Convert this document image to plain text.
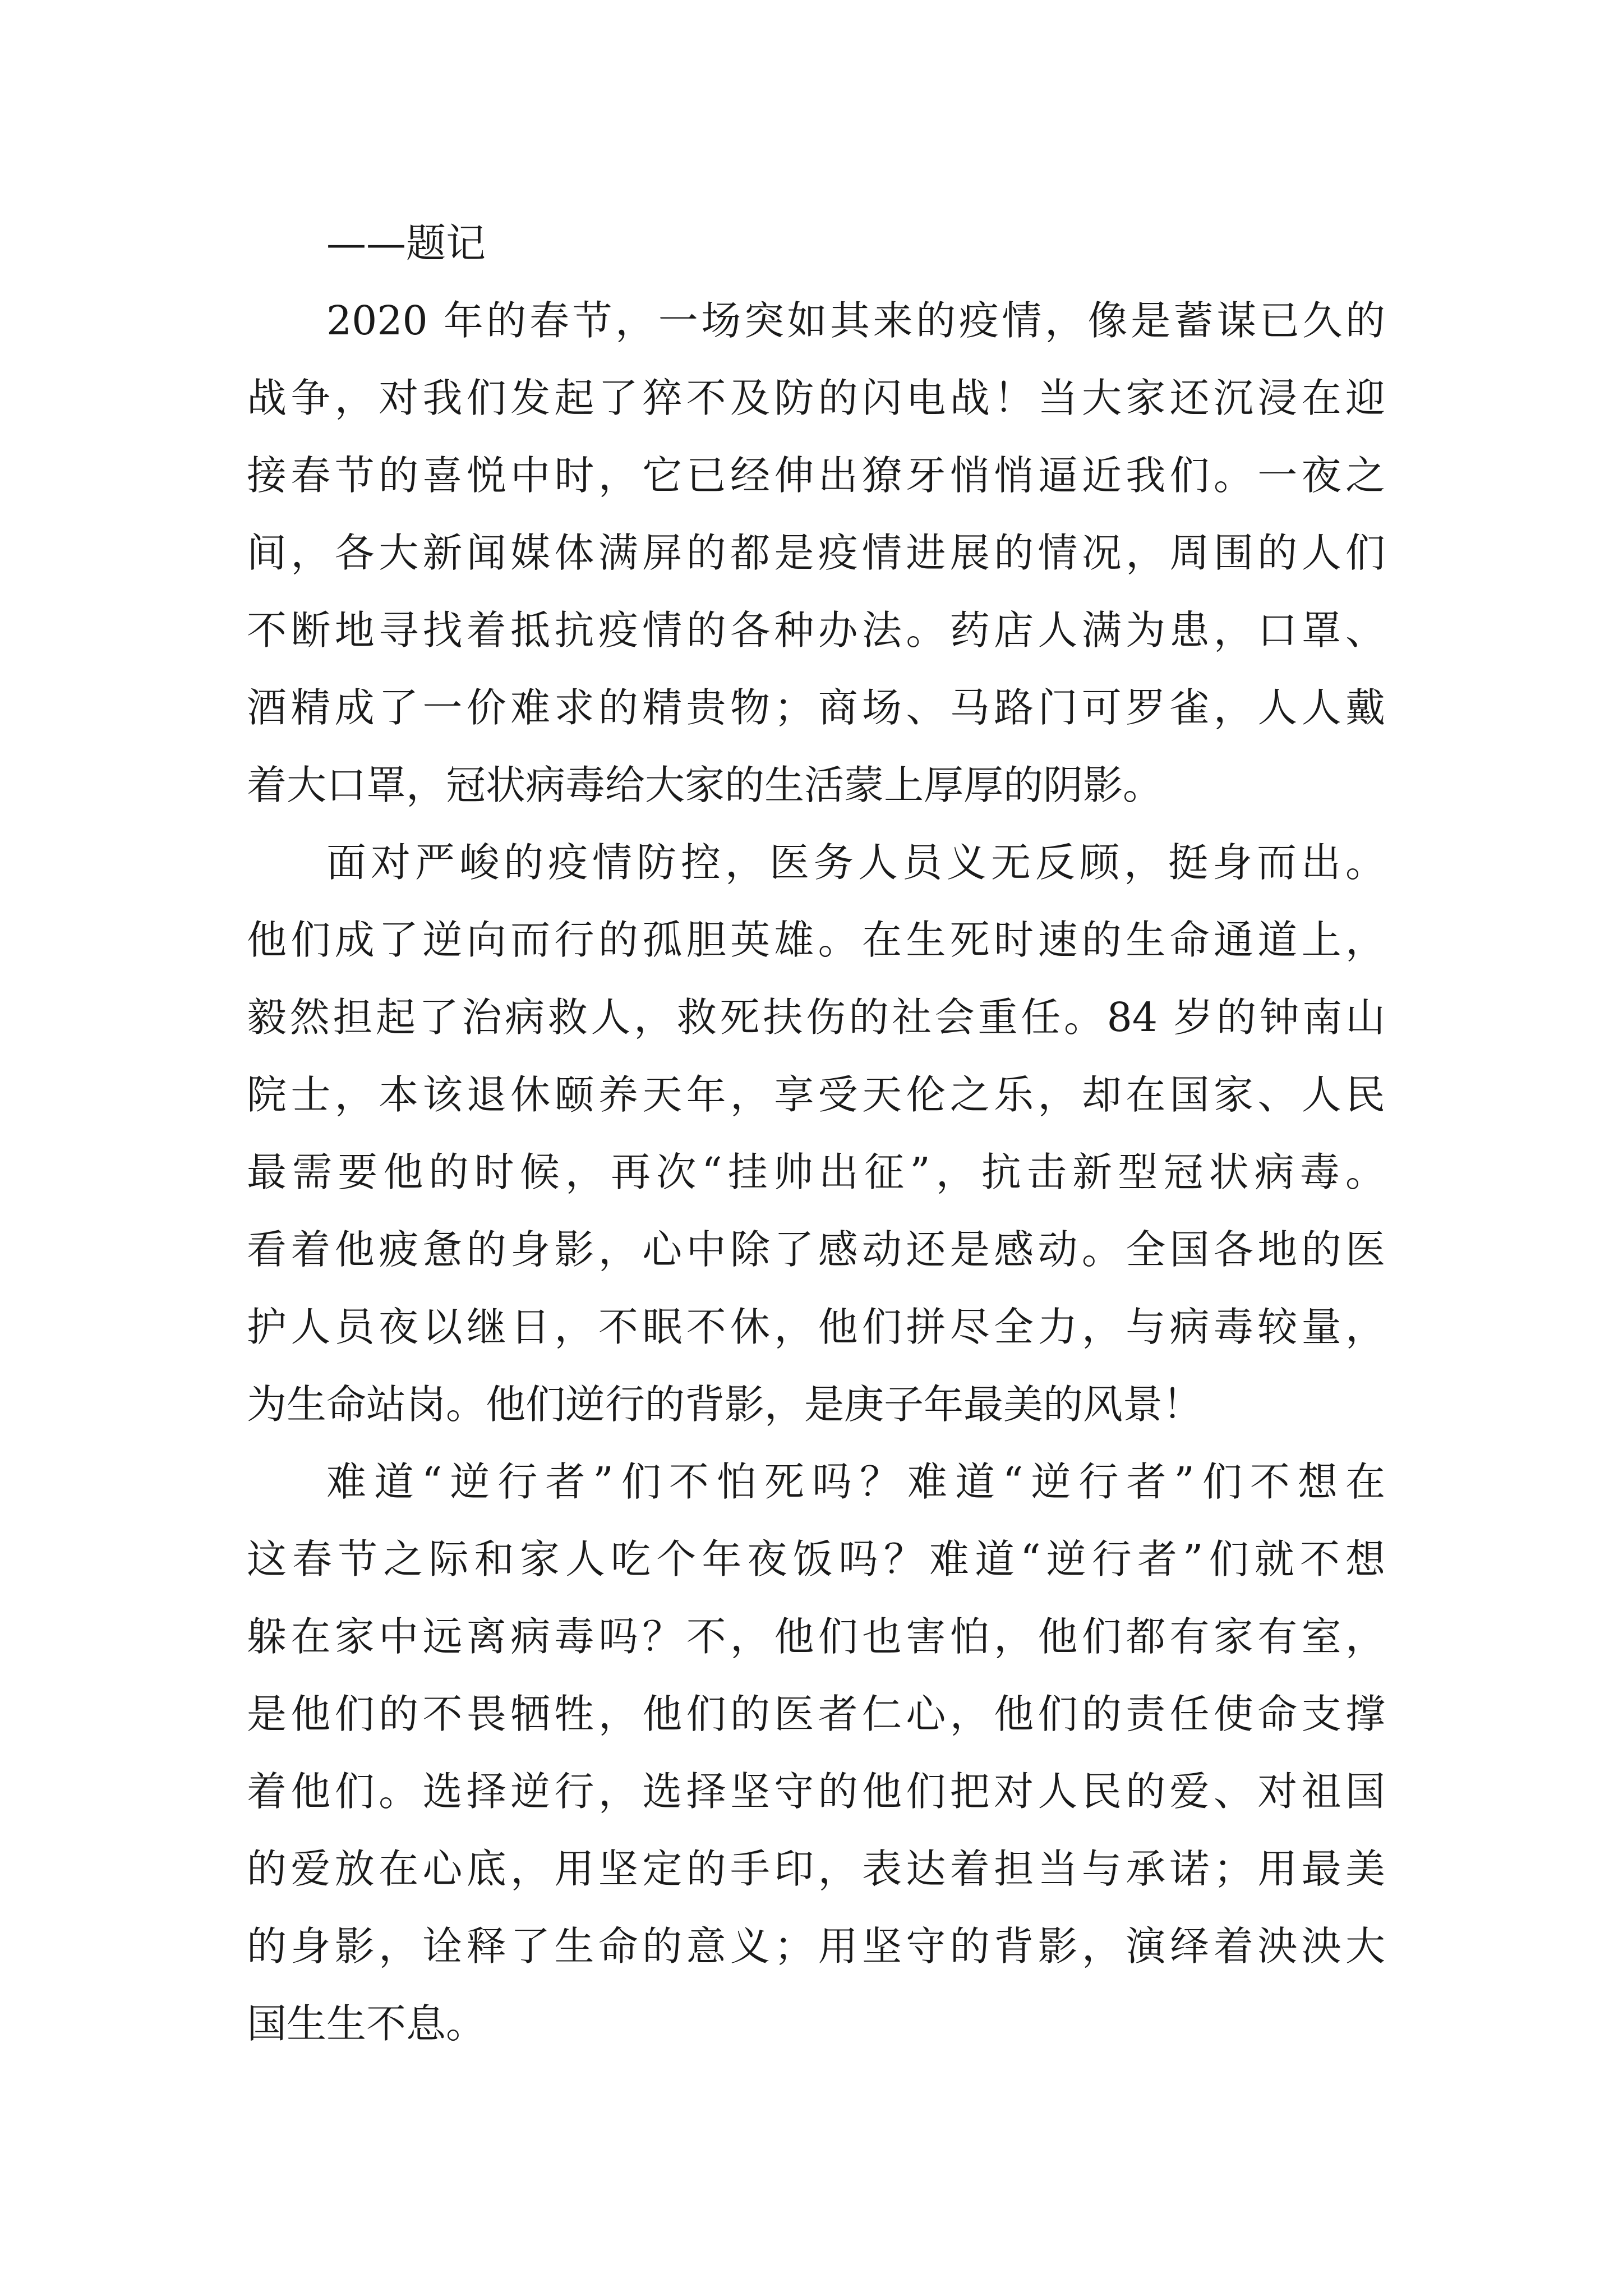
——题记
2020 年的春节，一场突如其来的疫情，像是蓄谋已久的
战争，对我们发起了猝不及防的闪电战！当大家还沉浸在迎
接春节的喜悦中时，它已经伸出獠牙悄悄逼近我们。一夜之
间，各大新闻媒体满屏的都是疫情进展的情况，周围的人们
不断地寻找着抵抗疫情的各种办法。药店人满为患，口罩、
酒精成了一价难求的精贵物；商场、马路门可罗雀，人人戴
着大口罩，冠状病毒给大家的生活蒙上厚厚的阴影。
面对严峻的疫情防控，医务人员义无反顾，挺身而出。
他们成了逆向而行的孤胆英雄。在生死时速的生命通道上，
毅然担起了治病救人，救死扶伤的社会重任。84 岁的钟南山
院士，本该退休颐养天年，享受天伦之乐，却在国家、人民
最需要他的时候，再次“挂帅出征”，抗击新型冠状病毒。
看着他疲惫的身影，心中除了感动还是感动。全国各地的医
护人员夜以继日，不眠不休，他们拼尽全力，与病毒较量，
为生命站岗。他们逆行的背影，是庚子年最美的风景！
难道“逆行者”们不怕死吗？难道“逆行者”们不想在
这春节之际和家人吃个年夜饭吗？难道“逆行者”们就不想
躲在家中远离病毒吗？不，他们也害怕，他们都有家有室，
是他们的不畏牺牲，他们的医者仁心，他们的责任使命支撑
着他们。选择逆行，选择坚守的他们把对人民的爱、对祖国
的爱放在心底，用坚定的手印，表达着担当与承诺；用最美
的身影，诠释了生命的意义；用坚守的背影，演绎着泱泱大
国生生不息。
